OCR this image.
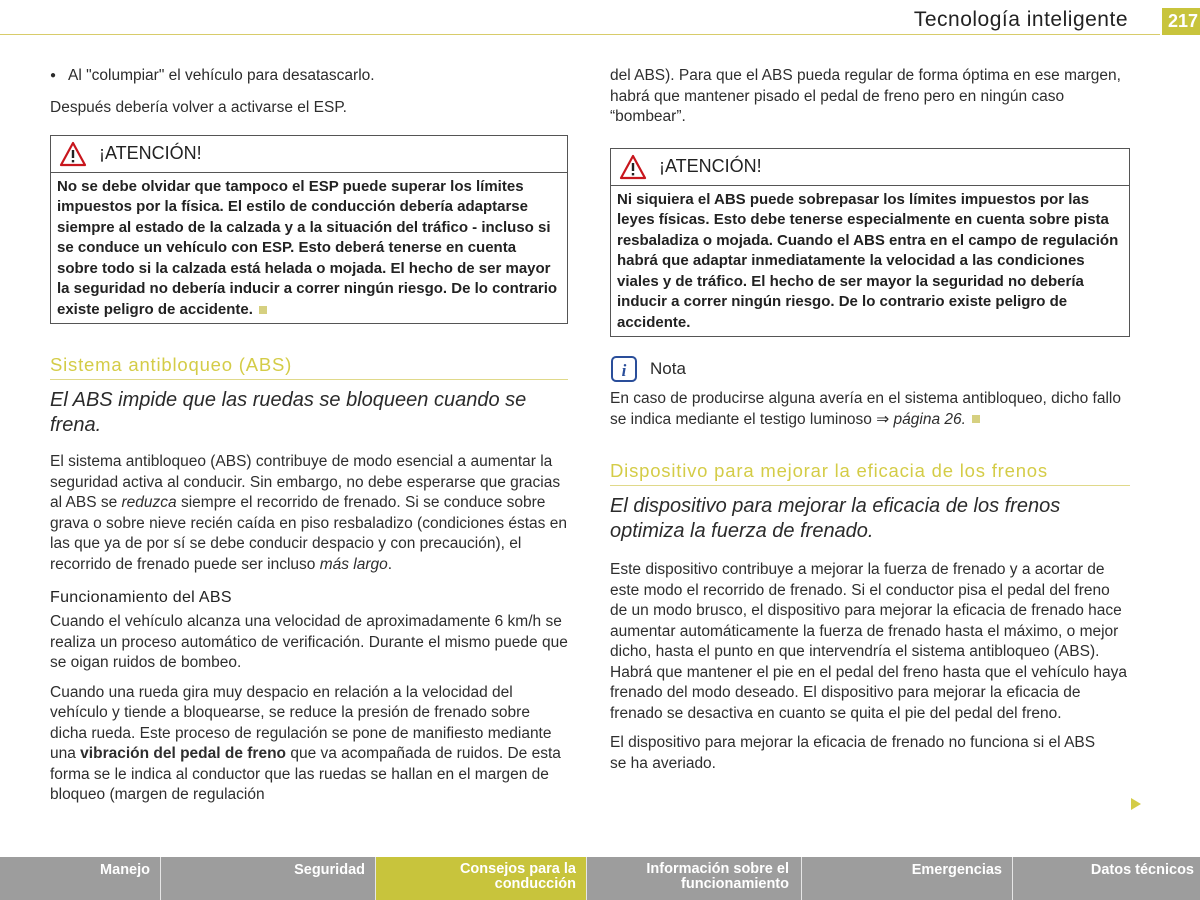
Tecnología inteligente	217

● Al "columpiar" el vehículo para desatascarlo.

Después debería volver a activarse el ESP.

¡ATENCIÓN!
No se debe olvidar que tampoco el ESP puede superar los límites impuestos por la física. El estilo de conducción debería adaptarse siempre al estado de la calzada y a la situación del tráfico - incluso si se conduce un vehículo con ESP. Esto deberá tenerse en cuenta sobre todo si la calzada está helada o mojada. El hecho de ser mayor la seguridad no debería inducir a correr ningún riesgo. De lo contrario existe peligro de accidente.
Sistema antibloqueo (ABS)

El ABS impide que las ruedas se bloqueen cuando se frena.

El sistema antibloqueo (ABS) contribuye de modo esencial a aumentar la seguridad activa al conducir. Sin embargo, no debe esperarse que gracias al ABS se reduzca siempre el recorrido de frenado. Si se conduce sobre grava o sobre nieve recién caída en piso resbaladizo (condiciones éstas en las que ya de por sí se debe conducir despacio y con precaución), el recorrido de frenado puede ser incluso más largo.

Funcionamiento del ABS

Cuando el vehículo alcanza una velocidad de aproximadamente 6 km/h se realiza un proceso automático de verificación. Durante el mismo puede que se oigan ruidos de bombeo.

Cuando una rueda gira muy despacio en relación a la velocidad del vehículo y tiende a bloquearse, se reduce la presión de frenado sobre dicha rueda. Este proceso de regulación se pone de manifiesto mediante una vibración del pedal de freno que va acompañada de ruidos. De esta forma se le indica al conductor que las ruedas se hallan en el margen de bloqueo (margen de regulación

del ABS). Para que el ABS pueda regular de forma óptima en ese margen, habrá que mantener pisado el pedal de freno pero en ningún caso “bombear”.

¡ATENCIÓN!
Ni siquiera el ABS puede sobrepasar los límites impuestos por las leyes físicas. Esto debe tenerse especialmente en cuenta sobre pista resbaladiza o mojada. Cuando el ABS entra en el campo de regulación habrá que adaptar inmediatamente la velocidad a las condiciones viales y de tráfico. El hecho de ser mayor la seguridad no debería inducir a correr ningún riesgo. De lo contrario existe peligro de accidente.
i Nota

En caso de producirse alguna avería en el sistema antibloqueo, dicho fallo se indica mediante el testigo luminoso ⇒ página 26.

Dispositivo para mejorar la eficacia de los frenos

El dispositivo para mejorar la eficacia de los frenos optimiza la fuerza de frenado.

Este dispositivo contribuye a mejorar la fuerza de frenado y a acortar de este modo el recorrido de frenado. Si el conductor pisa el pedal del freno de un modo brusco, el dispositivo para mejorar la eficacia de frenado hace aumentar automáticamente la fuerza de frenado hasta el máximo, o mejor dicho, hasta el punto en que intervendría el sistema antibloqueo (ABS). Habrá que mantener el pie en el pedal del freno hasta que el vehículo haya frenado del modo deseado. El dispositivo para mejorar la eficacia de frenado se desactiva en cuanto se quita el pie del pedal del freno.

El dispositivo para mejorar la eficacia de frenado no funciona si el ABS se ha averiado.

Manejo	Seguridad	Consejos para la conducción
Información sobre el funcionamiento
Emergencias	Datos técnicos
